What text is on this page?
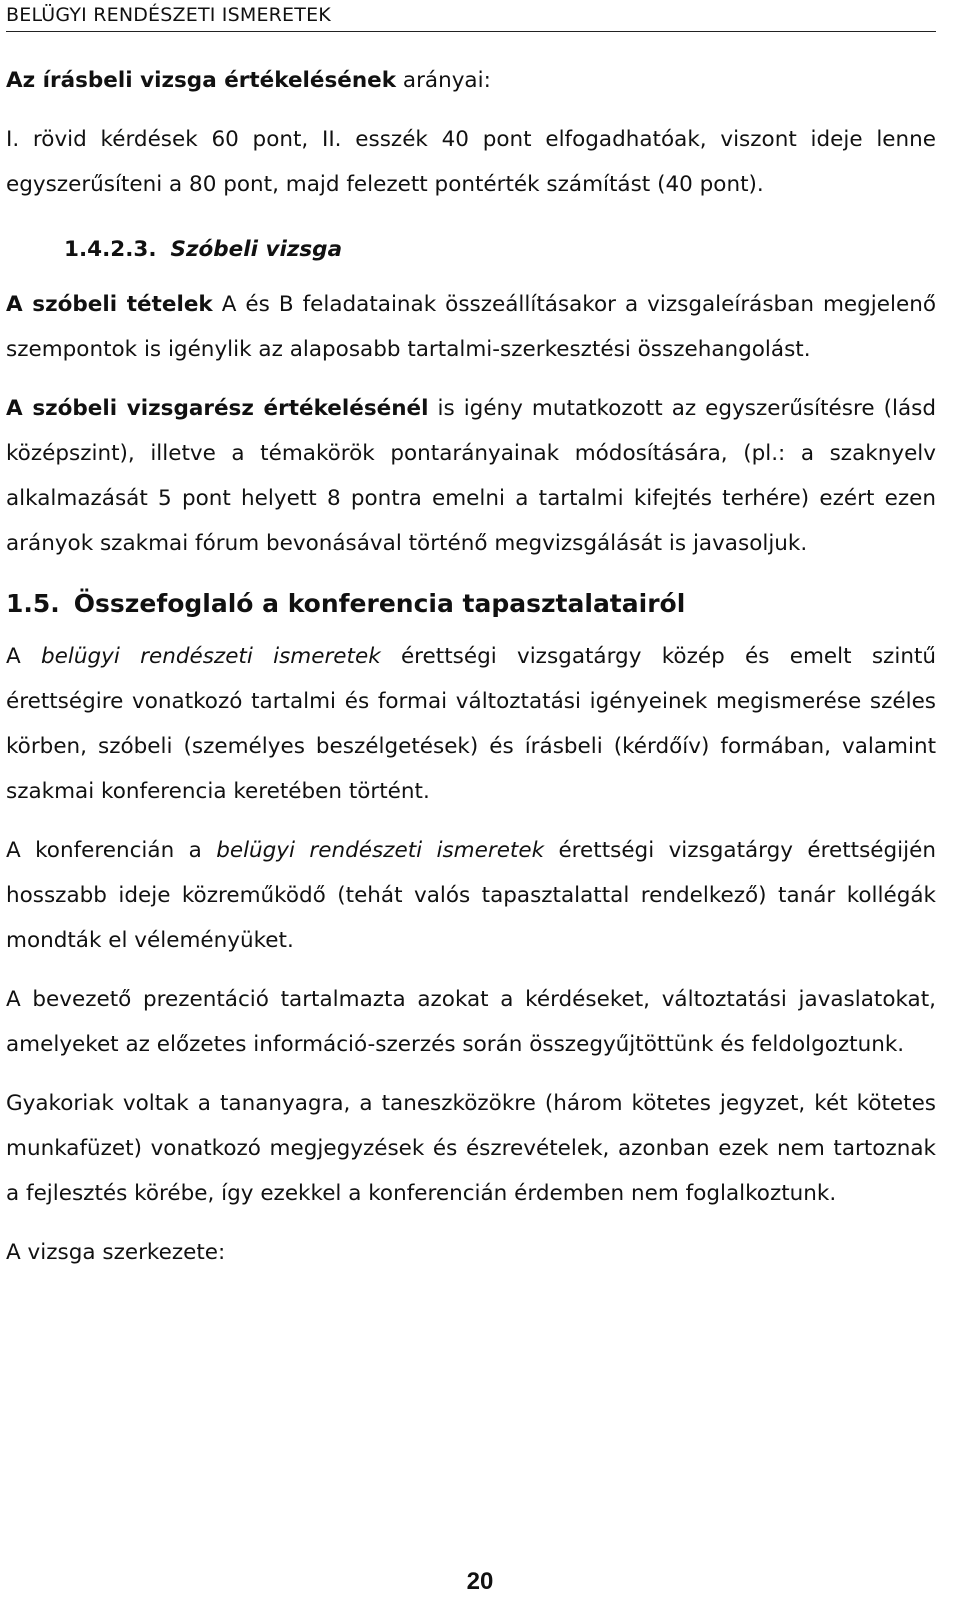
BELÜGYI RENDÉSZETI ISMERETEK

Az írásbeli vizsga értékelésének arányai:

I. rövid kérdések 60 pont, II. esszék 40 pont elfogadhatóak, viszont ideje lenne egyszerűsíteni a 80 pont, majd felezett pontérték számítást (40 pont).

1.4.2.3. Szóbeli vizsga

A szóbeli tételek A és B feladatainak összeállításakor a vizsgaleírásban megjelenő szempontok is igénylik az alaposabb tartalmi-szerkesztési összehangolást.

A szóbeli vizsgarész értékelésénél is igény mutatkozott az egyszerűsítésre (lásd középszint), illetve a témakörök pontarányainak módosítására, (pl.: a szaknyelv alkalmazását 5 pont helyett 8 pontra emelni a tartalmi kifejtés terhére) ezért ezen arányok szakmai fórum bevonásával történő megvizsgálását is javasoljuk.

1.5. Összefoglaló a konferencia tapasztalatairól

A belügyi rendészeti ismeretek érettségi vizsgatárgy közép és emelt szintű érettségire vonatkozó tartalmi és formai változtatási igényeinek megismerése széles körben, szóbeli (személyes beszélgetések) és írásbeli (kérdőív) formában, valamint szakmai konferencia keretében történt.

A konferencián a belügyi rendészeti ismeretek érettségi vizsgatárgy érettségijén hosszabb ideje közreműködő (tehát valós tapasztalattal rendelkező) tanár kollégák mondták el véleményüket.

A bevezető prezentáció tartalmazta azokat a kérdéseket, változtatási javaslatokat, amelyeket az előzetes információ-szerzés során összegyűjtöttünk és feldolgoztunk.

Gyakoriak voltak a tananyagra, a taneszközökre (három kötetes jegyzet, két kötetes munkafüzet) vonatkozó megjegyzések és észrevételek, azonban ezek nem tartoznak a fejlesztés körébe, így ezekkel a konferencián érdemben nem foglalkoztunk.

A vizsga szerkezete:

20
